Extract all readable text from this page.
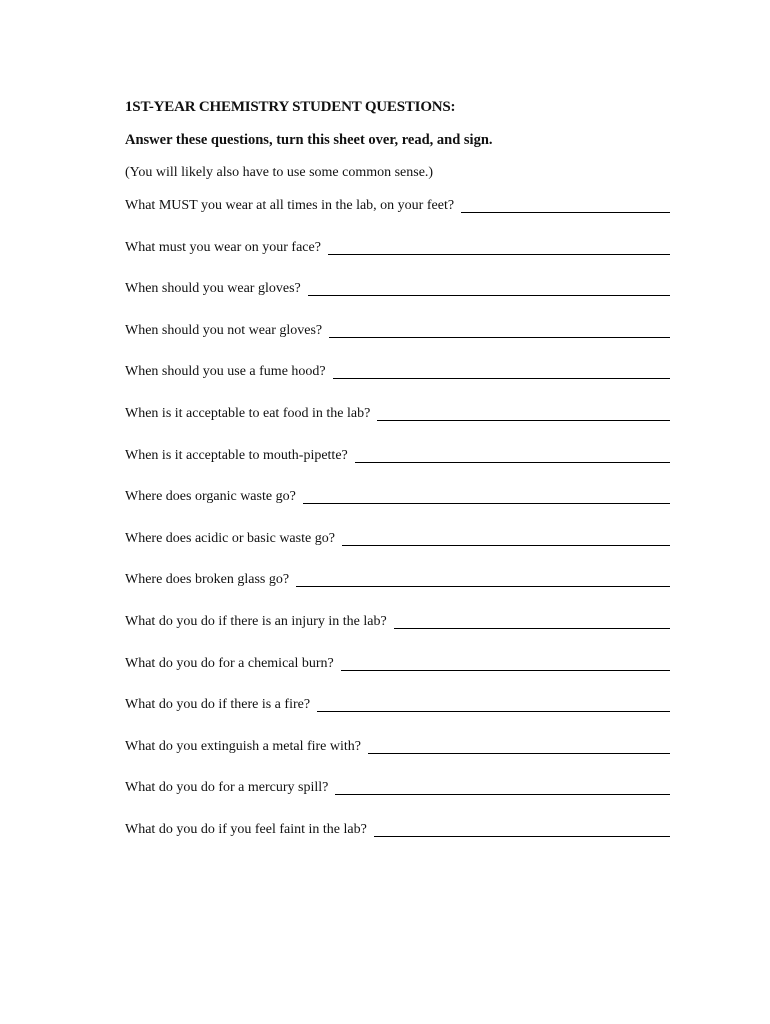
1ST-YEAR CHEMISTRY STUDENT QUESTIONS:

Answer these questions, turn this sheet over, read, and sign.

(You will likely also have to use some common sense.)

What MUST you wear at all times in the lab, on your feet?
What must you wear on your face?
When should you wear gloves?
When should you not wear gloves?
When should you use a fume hood?
When is it acceptable to eat food in the lab?
When is it acceptable to mouth-pipette?
Where does organic waste go?
Where does acidic or basic waste go?
Where does broken glass go?
What do you do if there is an injury in the lab?
What do you do for a chemical burn?
What do you do if there is a fire?
What do you extinguish a metal fire with?
What do you do for a mercury spill?
What do you do if you feel faint in the lab?
